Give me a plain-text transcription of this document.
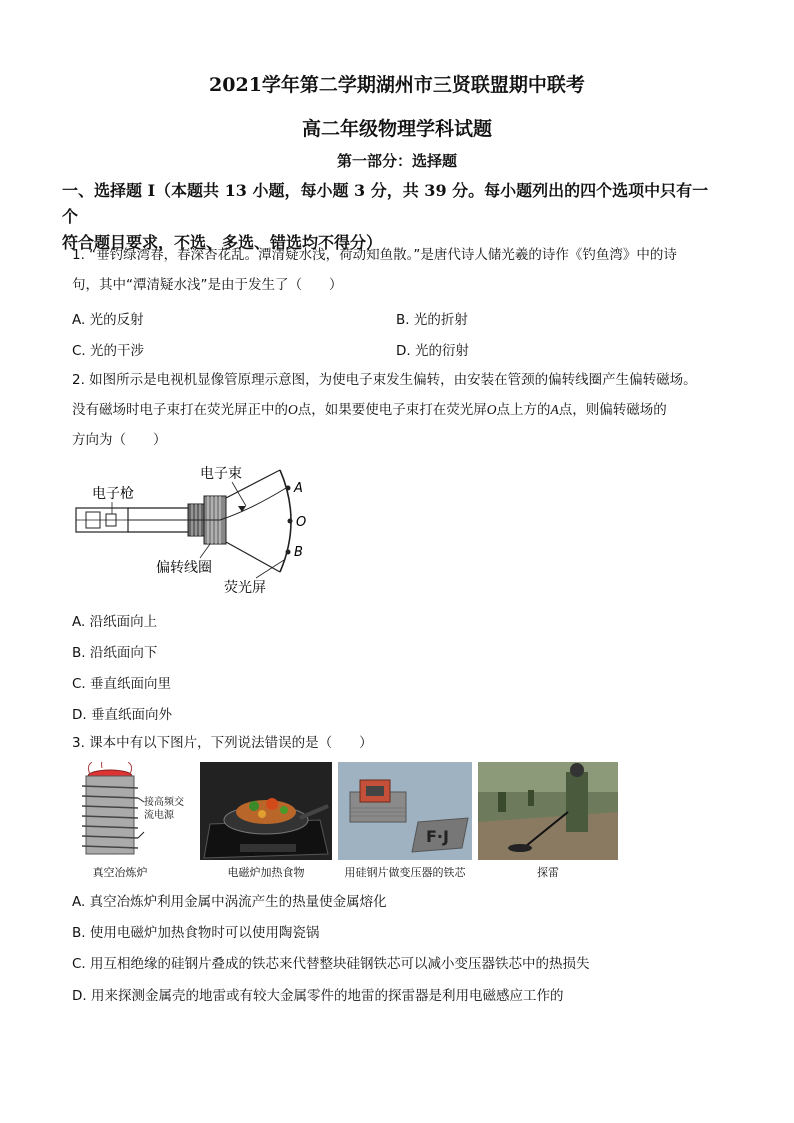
2021学年第二学期湖州市三贤联盟期中联考
高二年级物理学科试题
第一部分：选择题
一、选择题 I（本题共 13 小题，每小题 3 分，共 39 分。每小题列出的四个选项中只有一个
符合题目要求，不选、多选、错选均不得分）
1. “垂钓绿湾春，春深杏花乱。潭清疑水浅，荷动知鱼散。”是唐代诗人储光羲的诗作《钓鱼湾》中的诗
句，其中“潭清疑水浅”是由于发生了（　　）
A. 光的反射	B. 光的折射
C. 光的干涉	D. 光的衍射
2. 如图所示是电视机显像管原理示意图，为使电子束发生偏转，由安装在管颈的偏转线圈产生偏转磁场。
没有磁场时电子束打在荧光屏正中的O点，如果要使电子束打在荧光屏O点上方的A点，则偏转磁场的
方向为（　　）
A
O
B
电子枪
电子束
偏转线圈
荧光屏
A. 沿纸面向上
B. 沿纸面向下
C. 垂直纸面向里
D. 垂直纸面向外
3. 课本中有以下图片，下列说法错误的是（　　）
接高频交流电源
真空冶炼炉	电磁炉加热食物
F·J
用硅钢片做变压器的铁芯	探雷
A. 真空冶炼炉利用金属中涡流产生的热量使金属熔化
B. 使用电磁炉加热食物时可以使用陶瓷锅
C. 用互相绝缘的硅钢片叠成的铁芯来代替整块硅钢铁芯可以减小变压器铁芯中的热损失
D. 用来探测金属壳的地雷或有较大金属零件的地雷的探雷器是利用电磁感应工作的
